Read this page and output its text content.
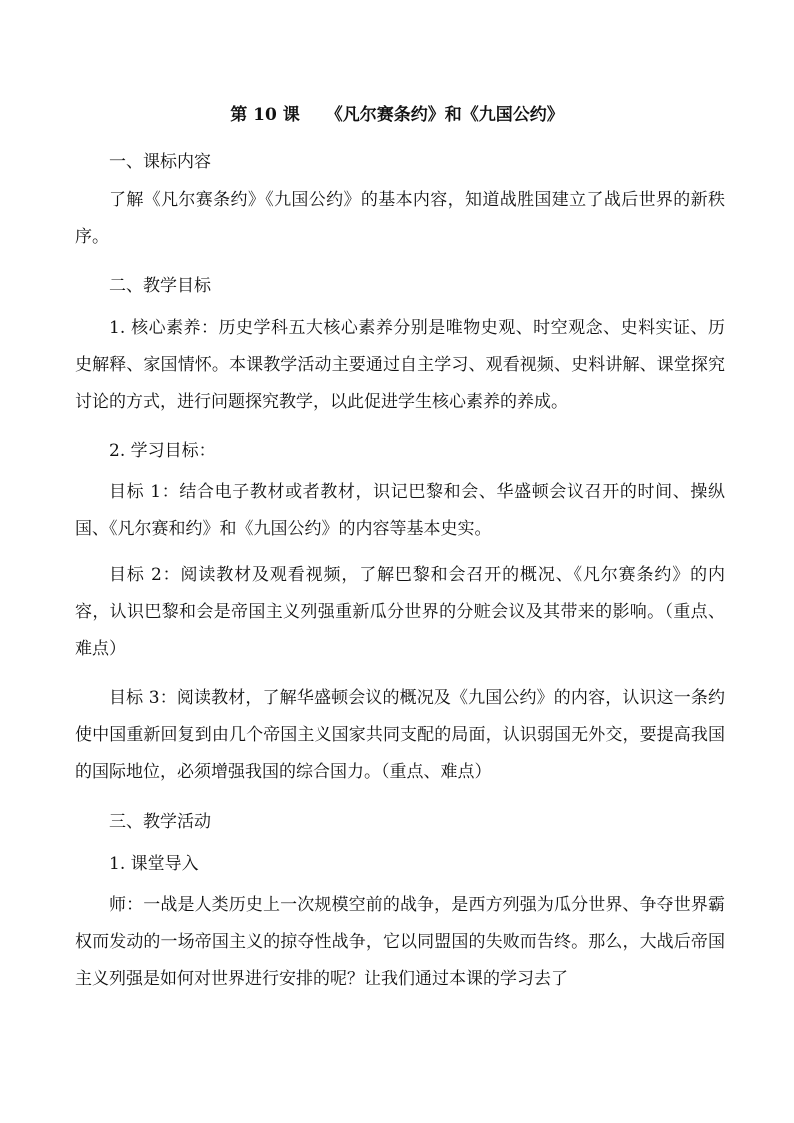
第 10 课 《凡尔赛条约》和《九国公约》

一、课标内容

了解《凡尔赛条约》《九国公约》的基本内容，知道战胜国建立了战后世界的新秩序。

二、教学目标

1. 核心素养：历史学科五大核心素养分别是唯物史观、时空观念、史料实证、历史解释、家国情怀。本课教学活动主要通过自主学习、观看视频、史料讲解、课堂探究讨论的方式，进行问题探究教学，以此促进学生核心素养的养成。

2. 学习目标：

目标 1：结合电子教材或者教材，识记巴黎和会、华盛顿会议召开的时间、操纵国、《凡尔赛和约》和《九国公约》的内容等基本史实。

目标 2：阅读教材及观看视频，了解巴黎和会召开的概况、《凡尔赛条约》的内容，认识巴黎和会是帝国主义列强重新瓜分世界的分赃会议及其带来的影响。（重点、难点）

目标 3：阅读教材，了解华盛顿会议的概况及《九国公约》的内容，认识这一条约使中国重新回复到由几个帝国主义国家共同支配的局面，认识弱国无外交，要提高我国的国际地位，必须增强我国的综合国力。（重点、难点）

三、教学活动

1. 课堂导入

师：一战是人类历史上一次规模空前的战争，是西方列强为瓜分世界、争夺世界霸权而发动的一场帝国主义的掠夺性战争，它以同盟国的失败而告终。那么，大战后帝国主义列强是如何对世界进行安排的呢？让我们通过本课的学习去了
